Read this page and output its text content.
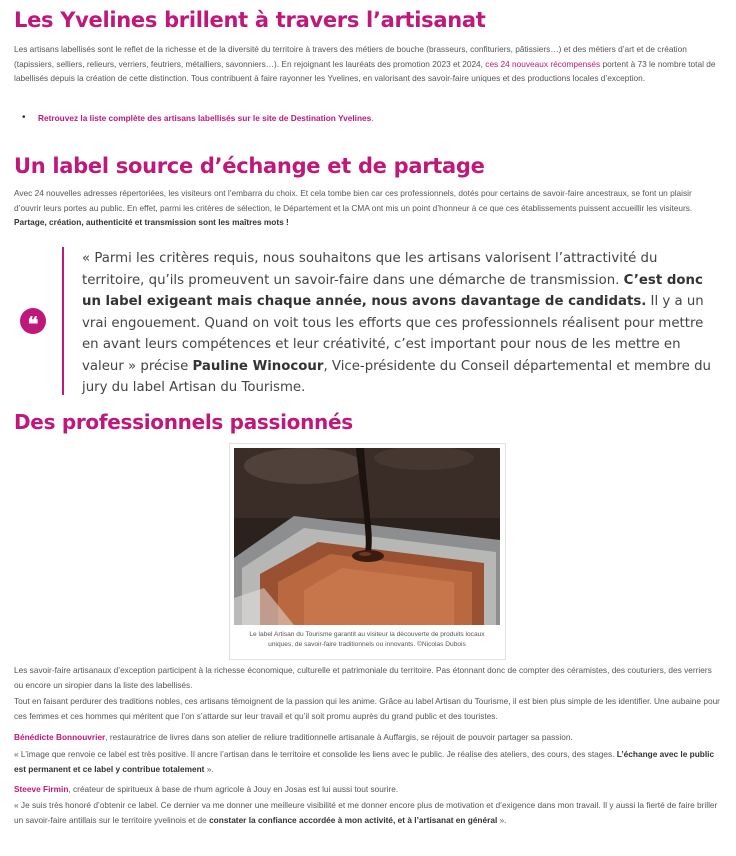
Les Yvelines brillent à travers l’artisanat

Les artisans labellisés sont le reflet de la richesse et de la diversité du territoire à travers des métiers de bouche (brasseurs, confituriers, pâtissiers…) et des métiers d’art et de création (tapissiers, selliers, relieurs, verriers, feutriers, métalliers, savonniers…). En rejoignant les lauréats des promotion 2023 et 2024, ces 24 nouveaux récompensés portent à 73 le nombre total de labellisés depuis la création de cette distinction. Tous contribuent à faire rayonner les Yvelines, en valorisant des savoir-faire uniques et des productions locales d’exception.

• Retrouvez la liste complète des artisans labellisés sur le site de Destination Yvelines.
Un label source d’échange et de partage

Avec 24 nouvelles adresses répertoriées, les visiteurs ont l’embarra du choix. Et cela tombe bien car ces professionnels, dotés pour certains de savoir-faire ancestraux, se font un plaisir d’ouvrir leurs portes au public. En effet, parmi les critères de sélection, le Département et la CMA ont mis un point d’honneur à ce que ces établissements puissent accueillir les visiteurs. Partage, création, authenticité et transmission sont les maîtres mots !

❝

« Parmi les critères requis, nous souhaitons que les artisans valorisent l’attractivité du territoire, qu’ils promeuvent un savoir-faire dans une démarche de transmission. C’est donc un label exigeant mais chaque année, nous avons davantage de candidats. Il y a un vrai engouement. Quand on voit tous les efforts que ces professionnels réalisent pour mettre en avant leurs compétences et leur créativité, c’est important pour nous de les mettre en valeur » précise Pauline Winocour, Vice-présidente du Conseil départemental et membre du jury du label Artisan du Tourisme.

Des professionnels passionnés
Le label Artisan du Tourisme garantit au visiteur la découverte de produits locaux uniques, de savoir-faire traditionnels ou innovants. ©Nicolas Dubois

Les savoir-faire artisanaux d’exception participent à la richesse économique, culturelle et patrimoniale du territoire. Pas étonnant donc de compter des céramistes, des couturiers, des verriers ou encore un siropier dans la liste des labellisés.

Tout en faisant perdurer des traditions nobles, ces artisans témoignent de la passion qui les anime. Grâce au label Artisan du Tourisme, il est bien plus simple de les identifier. Une aubaine pour ces femmes et ces hommes qui méritent que l’on s’attarde sur leur travail et qu’il soit promu auprès du grand public et des touristes.

Bénédicte Bonnouvrier, restauratrice de livres dans son atelier de reliure traditionnelle artisanale à Auffargis, se réjouit de pouvoir partager sa passion.

« L’image que renvoie ce label est très positive. Il ancre l’artisan dans le territoire et consolide les liens avec le public. Je réalise des ateliers, des cours, des stages. L’échange avec le public est permanent et ce label y contribue totalement ».

Steeve Firmin, créateur de spiritueux à base de rhum agricole à Jouy en Josas est lui aussi tout sourire.

« Je suis très honoré d’obtenir ce label. Ce dernier va me donner une meilleure visibilité et me donner encore plus de motivation et d’exigence dans mon travail. Il y aussi la fierté de faire briller un savoir-faire antillais sur le territoire yvelinois et de constater la confiance accordée à mon activité, et à l’artisanat en général ».
